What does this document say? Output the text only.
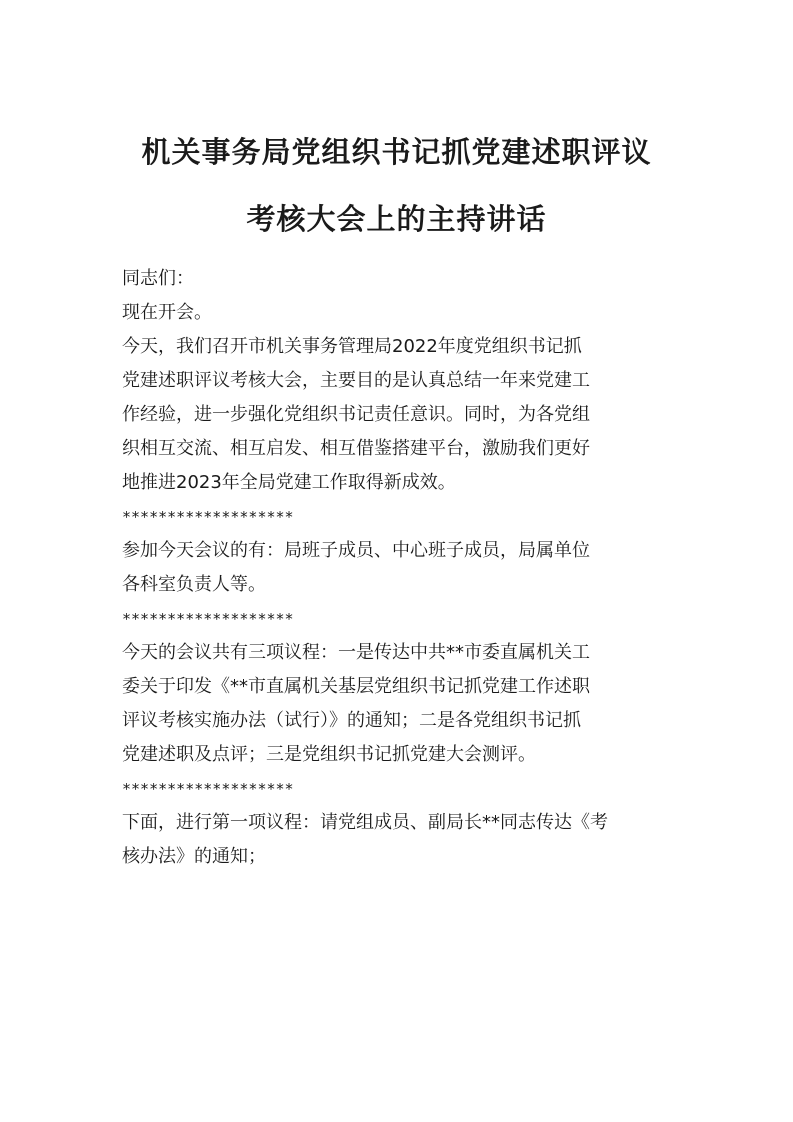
机关事务局党组织书记抓党建述职评议
考核大会上的主持讲话

同志们：

现在开会。

今天，我们召开市机关事务管理局2022年度党组织书记抓
党建述职评议考核大会，主要目的是认真总结一年来党建工
作经验，进一步强化党组织书记责任意识。同时，为各党组
织相互交流、相互启发、相互借鉴搭建平台，激励我们更好
地推进2023年全局党建工作取得新成效。

*******************

参加今天会议的有：局班子成员、中心班子成员，局属单位
各科室负责人等。

*******************

今天的会议共有三项议程：一是传达中共**市委直属机关工
委关于印发《**市直属机关基层党组织书记抓党建工作述职
评议考核实施办法（试行）》的通知；二是各党组织书记抓
党建述职及点评；三是党组织书记抓党建大会测评。

*******************

下面，进行第一项议程：请党组成员、副局长**同志传达《考
核办法》的通知；
